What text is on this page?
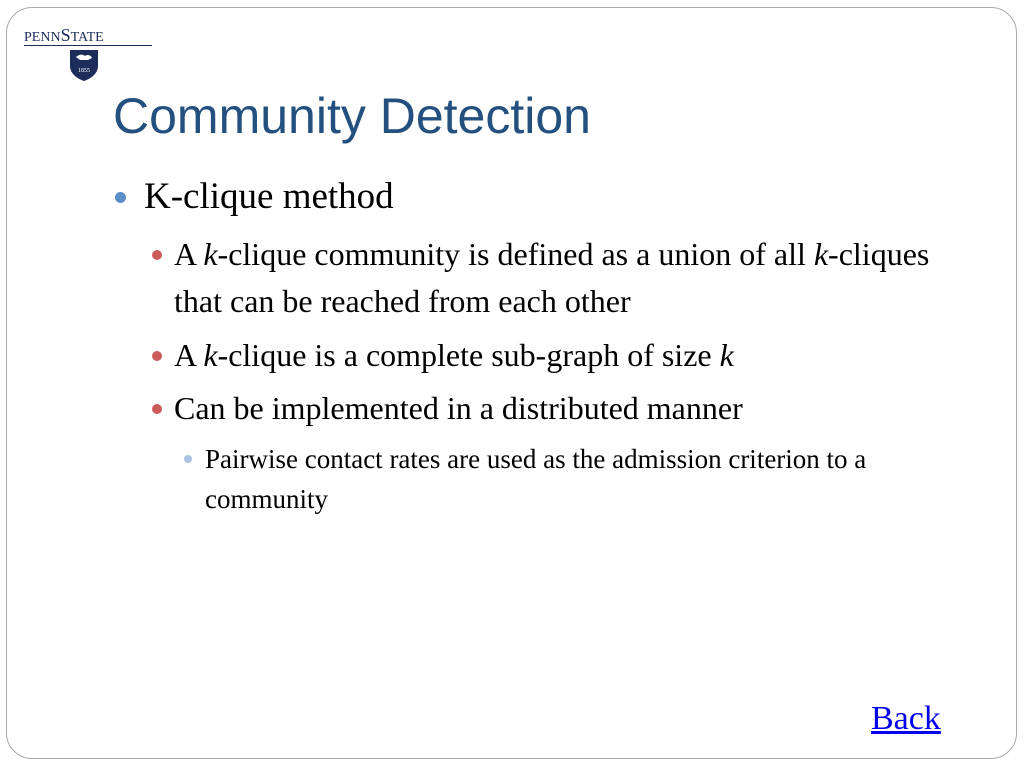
PENNSTATE
1855
Community Detection
K-clique method
A k-clique community is defined as a union of all k-cliques that can be reached from each other
A k-clique is a complete sub-graph of size k
Can be implemented in a distributed manner
Pairwise contact rates are used as the admission criterion to a community
Back
